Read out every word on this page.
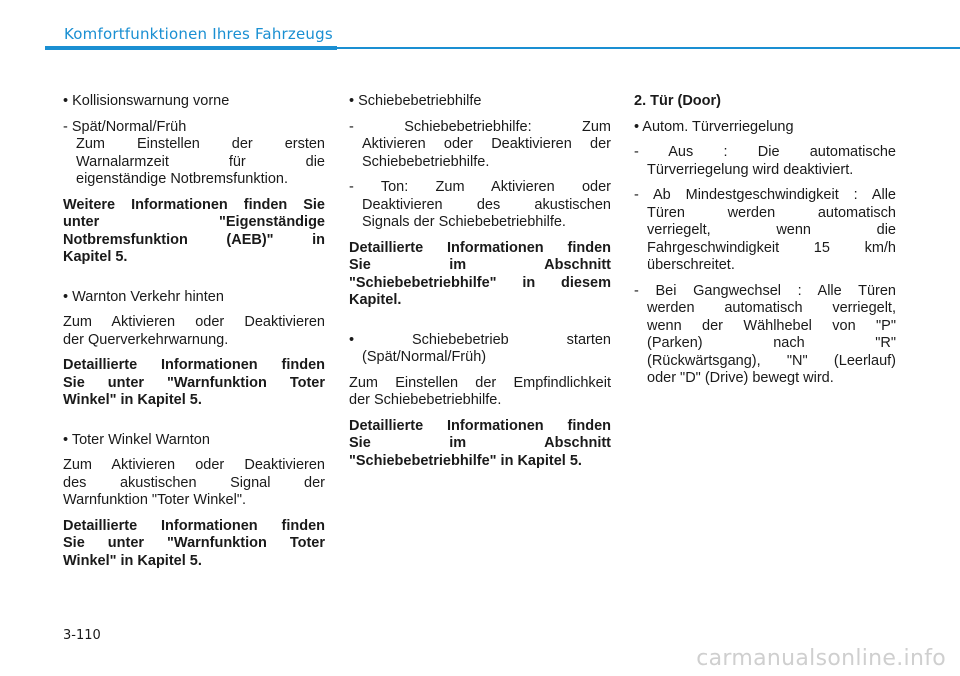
Komfortfunktionen Ihres Fahrzeugs
• Kollisionswarnung vorne
- Spät/Normal/Früh
Zum Einstellen der ersten
Warnalarmzeit für die
eigenständige Notbremsfunktion.
Weitere Informationen finden Sie
unter "Eigenständige
Notbremsfunktion (AEB)" in
Kapitel 5.
• Warnton Verkehr hinten
Zum Aktivieren oder Deaktivieren
der Querverkehrwarnung.
Detaillierte Informationen finden
Sie unter "Warnfunktion Toter
Winkel" in Kapitel 5.
• Toter Winkel Warnton
Zum Aktivieren oder Deaktivieren
des akustischen Signal der
Warnfunktion "Toter Winkel".
Detaillierte Informationen finden
Sie unter "Warnfunktion Toter
Winkel" in Kapitel 5.
• Schiebebetriebhilfe
- Schiebebetriebhilfe: Zum
Aktivieren oder Deaktivieren der
Schiebebetriebhilfe.
- Ton: Zum Aktivieren oder
Deaktivieren des akustischen
Signals der Schiebebetriebhilfe.
Detaillierte Informationen finden
Sie im Abschnitt
"Schiebebetriebhilfe" in diesem
Kapitel.
• Schiebebetrieb starten
(Spät/Normal/Früh)
Zum Einstellen der Empfindlichkeit
der Schiebebetriebhilfe.
Detaillierte Informationen finden
Sie im Abschnitt
"Schiebebetriebhilfe" in Kapitel 5.
2. Tür (Door)
• Autom. Türverriegelung
- Aus : Die automatische
Türverriegelung wird deaktiviert.
- Ab Mindestgeschwindigkeit : Alle
Türen werden automatisch
verriegelt, wenn die
Fahrgeschwindigkeit 15 km/h
überschreitet.
- Bei Gangwechsel : Alle Türen
werden automatisch verriegelt,
wenn der Wählhebel von "P"
(Parken) nach "R"
(Rückwärtsgang), "N" (Leerlauf)
oder "D" (Drive) bewegt wird.
3-110
carmanualsonline.info
